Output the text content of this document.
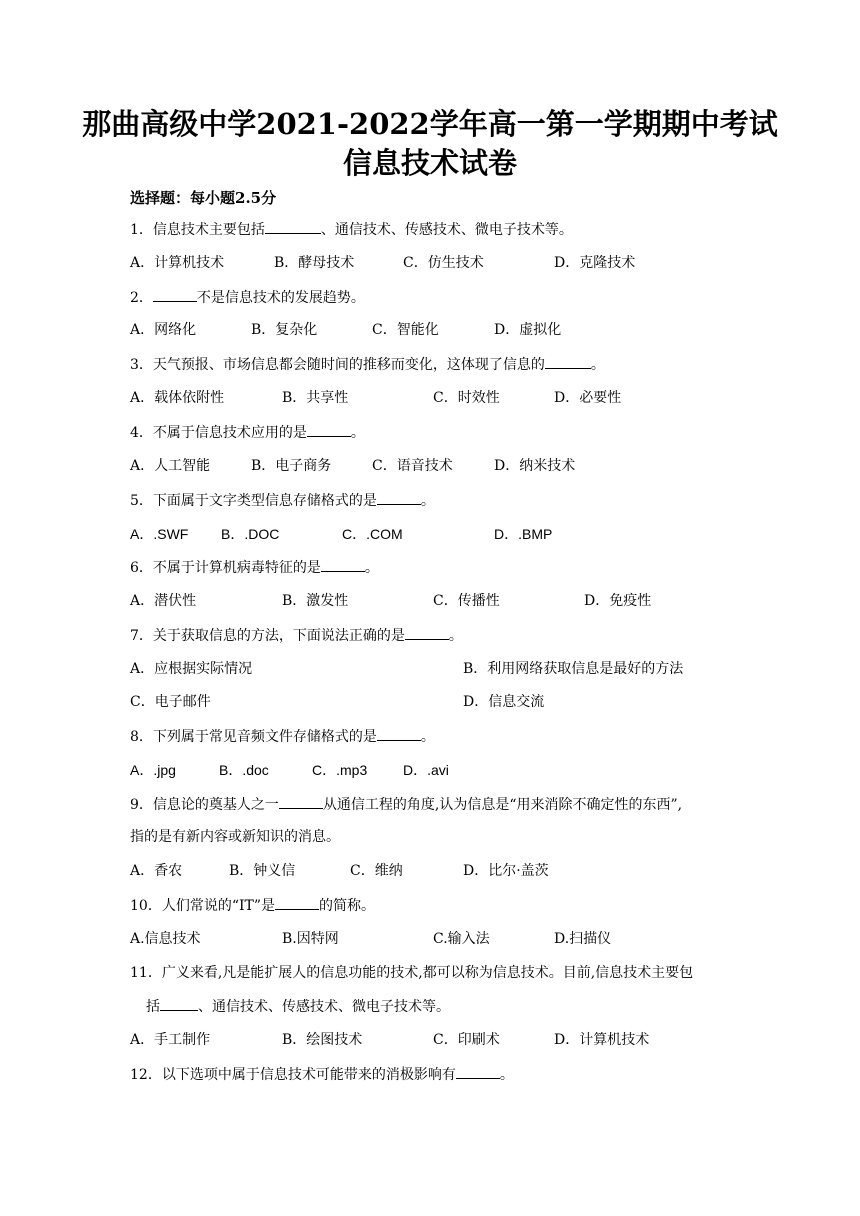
那曲高级中学2021-2022学年高一第一学期期中考试
信息技术试卷
选择题：每小题2.5分
1．信息技术主要包括	、通信技术、传感技术、微电子技术等。
A．计算机技术	B．酵母技术	C．仿生技术	D．克隆技术
2．	不是信息技术的发展趋势。
A．网络化	B．复杂化	C．智能化	D．虚拟化
3．天气预报、市场信息都会随时间的推移而变化，这体现了信息的	。
A．载体依附性	B．共享性	C．时效性	D．必要性
4．不属于信息技术应用的是	。
A．人工智能	B．电子商务	C．语音技术	D．纳米技术
5．下面属于文字类型信息存储格式的是	。
A．.SWF B．.DOC	C．.COM	D．.BMP
6．不属于计算机病毒特征的是	。
A．潜伏性	B．激发性	C．传播性	D．免疫性
7．关于获取信息的方法，下面说法正确的是	。
A．应根据实际情况	B．利用网络获取信息是最好的方法
C．电子邮件	D．信息交流
8．下列属于常见音频文件存储格式的是	。
A．.jpg	B．.doc	C．.mp3	D．.avi
9．信息论的奠基人之一	从通信工程的角度,认为信息是“用来消除不确定性的东西”,
指的是有新内容或新知识的消息。
A．香农	B．钟义信	C．维纳	D．比尔·盖茨
10．人们常说的“IT”是	的简称。
A.信息技术	B.因特网	C.输入法	D.扫描仪
11．广义来看,凡是能扩展人的信息功能的技术,都可以称为信息技术。目前,信息技术主要包
括	、通信技术、传感技术、微电子技术等。
A．手工制作	B．绘图技术	C．印刷术	D．计算机技术
12．以下选项中属于信息技术可能带来的消极影响有	。
